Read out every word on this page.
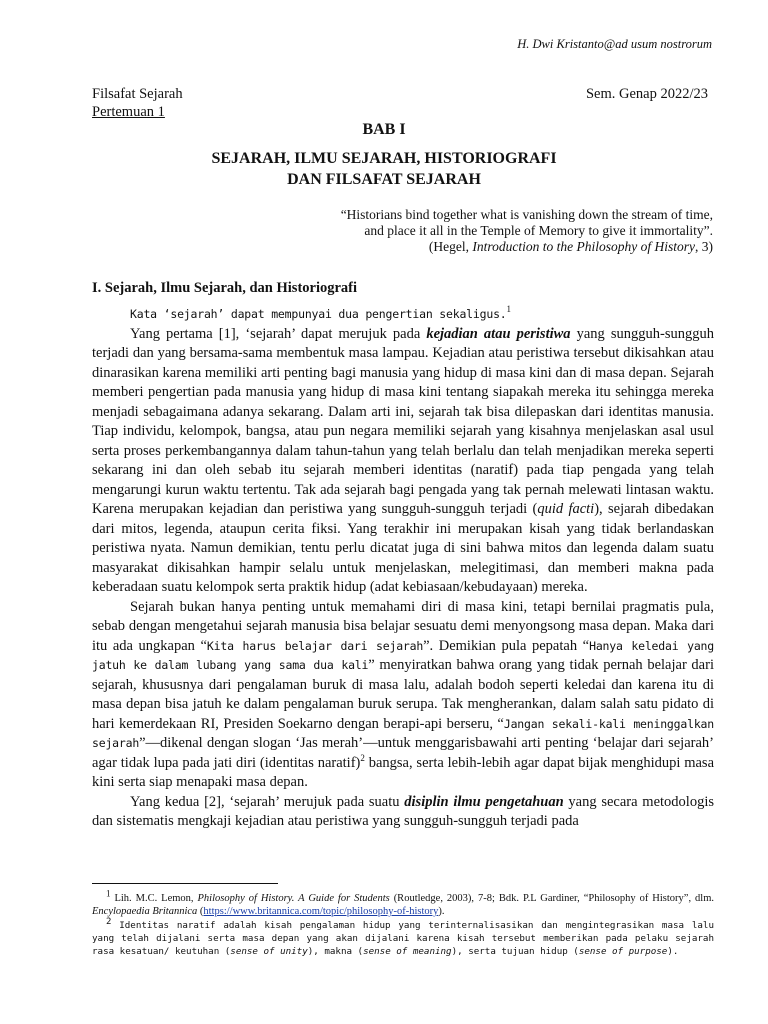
H. Dwi Kristanto@ad usum nostrorum
Filsafat Sejarah
Pertemuan 1
Sem. Genap 2022/23
BAB I
SEJARAH, ILMU SEJARAH, HISTORIOGRAFI
DAN FILSAFAT SEJARAH
“Historians bind together what is vanishing down the stream of time,
and place it all in the Temple of Memory to give it immortality”.
(Hegel, Introduction to the Philosophy of History, 3)
I. Sejarah, Ilmu Sejarah, dan Historiografi

Kata ‘sejarah’ dapat mempunyai dua pengertian sekaligus.$^1$

Yang pertama [1], ‘sejarah’ dapat merujuk pada kejadian atau peristiwa yang sungguh-sungguh terjadi dan yang bersama-sama membentuk masa lampau. Kejadian atau peristiwa tersebut dikisahkan atau dinarasikan karena memiliki arti penting bagi manusia yang hidup di masa kini dan di masa depan. Sejarah memberi pengertian pada manusia yang hidup di masa kini tentang siapakah mereka itu sehingga mereka menjadi sebagaimana adanya sekarang. Dalam arti ini, sejarah tak bisa dilepaskan dari identitas manusia. Tiap individu, kelompok, bangsa, atau pun negara memiliki sejarah yang kisahnya menjelaskan asal usul serta proses perkembangannya dalam tahun-tahun yang telah berlalu dan telah menjadikan mereka seperti sekarang ini dan oleh sebab itu sejarah memberi identitas (naratif) pada tiap pengada yang telah mengarungi kurun waktu tertentu. Tak ada sejarah bagi pengada yang tak pernah melewati lintasan waktu. Karena merupakan kejadian dan peristiwa yang sungguh-sungguh terjadi (quid facti), sejarah dibedakan dari mitos, legenda, ataupun cerita fiksi. Yang terakhir ini merupakan kisah yang tidak berlandaskan peristiwa nyata. Namun demikian, tentu perlu dicatat juga di sini bahwa mitos dan legenda dalam suatu masyarakat dikisahkan hampir selalu untuk menjelaskan, melegitimasi, dan memberi makna pada keberadaan suatu kelompok serta praktik hidup (adat kebiasaan/kebudayaan) mereka.

Sejarah bukan hanya penting untuk memahami diri di masa kini, tetapi bernilai pragmatis pula, sebab dengan mengetahui sejarah manusia bisa belajar sesuatu demi menyongsong masa depan. Maka dari itu ada ungkapan “Kita harus belajar dari sejarah”. Demikian pula pepatah “Hanya keledai yang jatuh ke dalam lubang yang sama dua kali” menyiratkan bahwa orang yang tidak pernah belajar dari sejarah, khususnya dari pengalaman buruk di masa lalu, adalah bodoh seperti keledai dan karena itu di masa depan bisa jatuh ke dalam pengalaman buruk serupa. Tak mengherankan, dalam salah satu pidato di hari kemerdekaan RI, Presiden Soekarno dengan berapi-api berseru, “Jangan sekali-kali meninggalkan sejarah”—dikenal dengan slogan ‘Jas merah’—untuk menggarisbawahi arti penting ‘belajar dari sejarah’ agar tidak lupa pada jati diri (identitas naratif)$^2$ bangsa, serta lebih-lebih agar dapat bijak menghidupi masa kini serta siap menapaki masa depan.

Yang kedua [2], ‘sejarah’ merujuk pada suatu disiplin ilmu pengetahuan yang secara metodologis dan sistematis mengkaji kejadian atau peristiwa yang sungguh-sungguh terjadi pada

$^1$ Lih. M.C. Lemon, Philosophy of History. A Guide for Students (Routledge, 2003), 7-8; Bdk. P.L Gardiner, “Philosophy of History”, dlm. Encylopaedia Britannica (https://www.britannica.com/topic/philosophy-of-history).

$^2$ Identitas naratif adalah kisah pengalaman hidup yang terinternalisasikan dan mengintegrasikan masa lalu yang telah dijalani serta masa depan yang akan dijalani karena kisah tersebut memberikan pada pelaku sejarah rasa kesatuan/ keutuhan (sense of unity), makna (sense of meaning), serta tujuan hidup (sense of purpose).
